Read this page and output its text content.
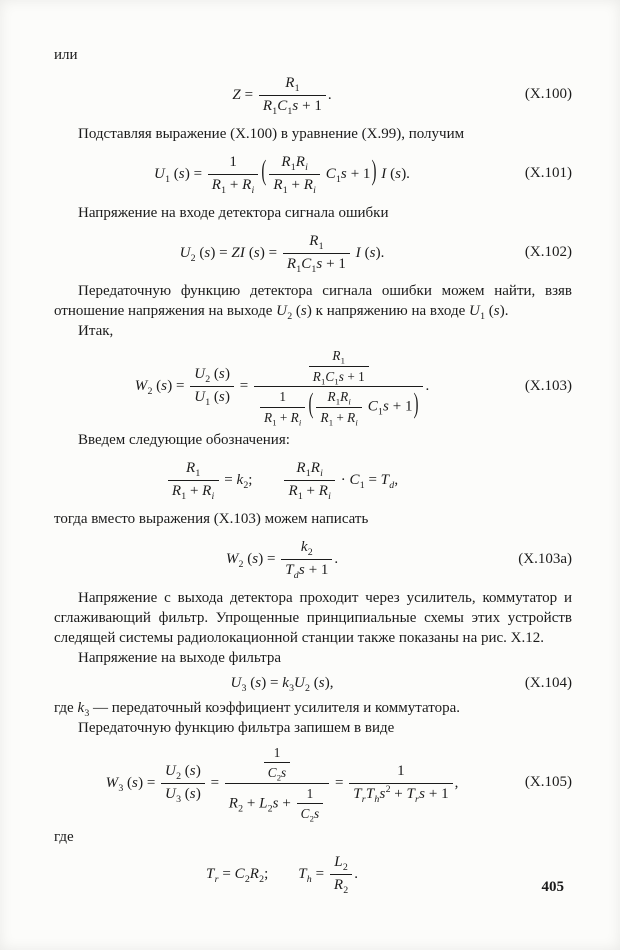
или

$Z = \frac{R_1}{R_1C_1s + 1}$ .	(X.100)

Подставляя выражение (X.100) в уравнение (X.99), получим

$U_1$ $(s) = \frac{1}{R_1 + R_i}$ ( $\frac{R_1R_i}{R_1 + R_i} C_1s + 1$) I (s).	(X.101)

Напряжение на входе детектора сигнала ошибки

$U_2$ (s) = ZI $(s) = \frac{R_1}{R_1C_1s + 1}$ I (s).	(X.102)

Передаточную функцию детектора сигнала ошибки можем найти, взяв отношение напряжения на выходе $U_2$ (s) к напряжению на входе $U_1$ (s).

Итак,

$W_2$ $(s) = \frac{U_2 (s)}{U_1 (s)}$ =
$\frac{R_1}{R_1C_1s + 1}$
$\frac{1}{R_1 + R_i}$ ( $\frac{R_1R_i}{R_1 + R_i} C_1s + 1$)
.	(X.103)

Введем следующие обозначения:

$\frac{R_1}{R_1 + R_i} = k_2$;   $\frac{R_1R_i}{R_1 + R_i} \cdot C_1 = T_d$,

тогда вместо выражения (X.103) можем написать

$W_2$ (s) =
$k_2$
$T_ds + 1$
.	(X.103а)

Напряжение с выхода детектора проходит через усилитель, коммутатор и сглаживающий фильтр. Упрощенные принципиальные схемы этих устройств следящей системы радиолокационной станции также показаны на рис. X.12.

Напряжение на выходе фильтра

$U_3$ $(s) = k_3U_2$ (s),	(X.104)

где $k_3$ — передаточный коэффициент усилителя и коммутатора.

Передаточную функцию фильтра запишем в виде

$W_3$ $(s) = \frac{U_2 (s)}{U_3 (s)} = \frac{\frac{1}{C_2s}}{R_2 + L_2s + \frac{1}{C_2s}}$ =
1
$T_rT_hs^2 + T_rs + 1$
,	(X.105)

где

$T_r = C_2R_2$;  $T_h = \frac{L_2}{R_2}$ .
405
